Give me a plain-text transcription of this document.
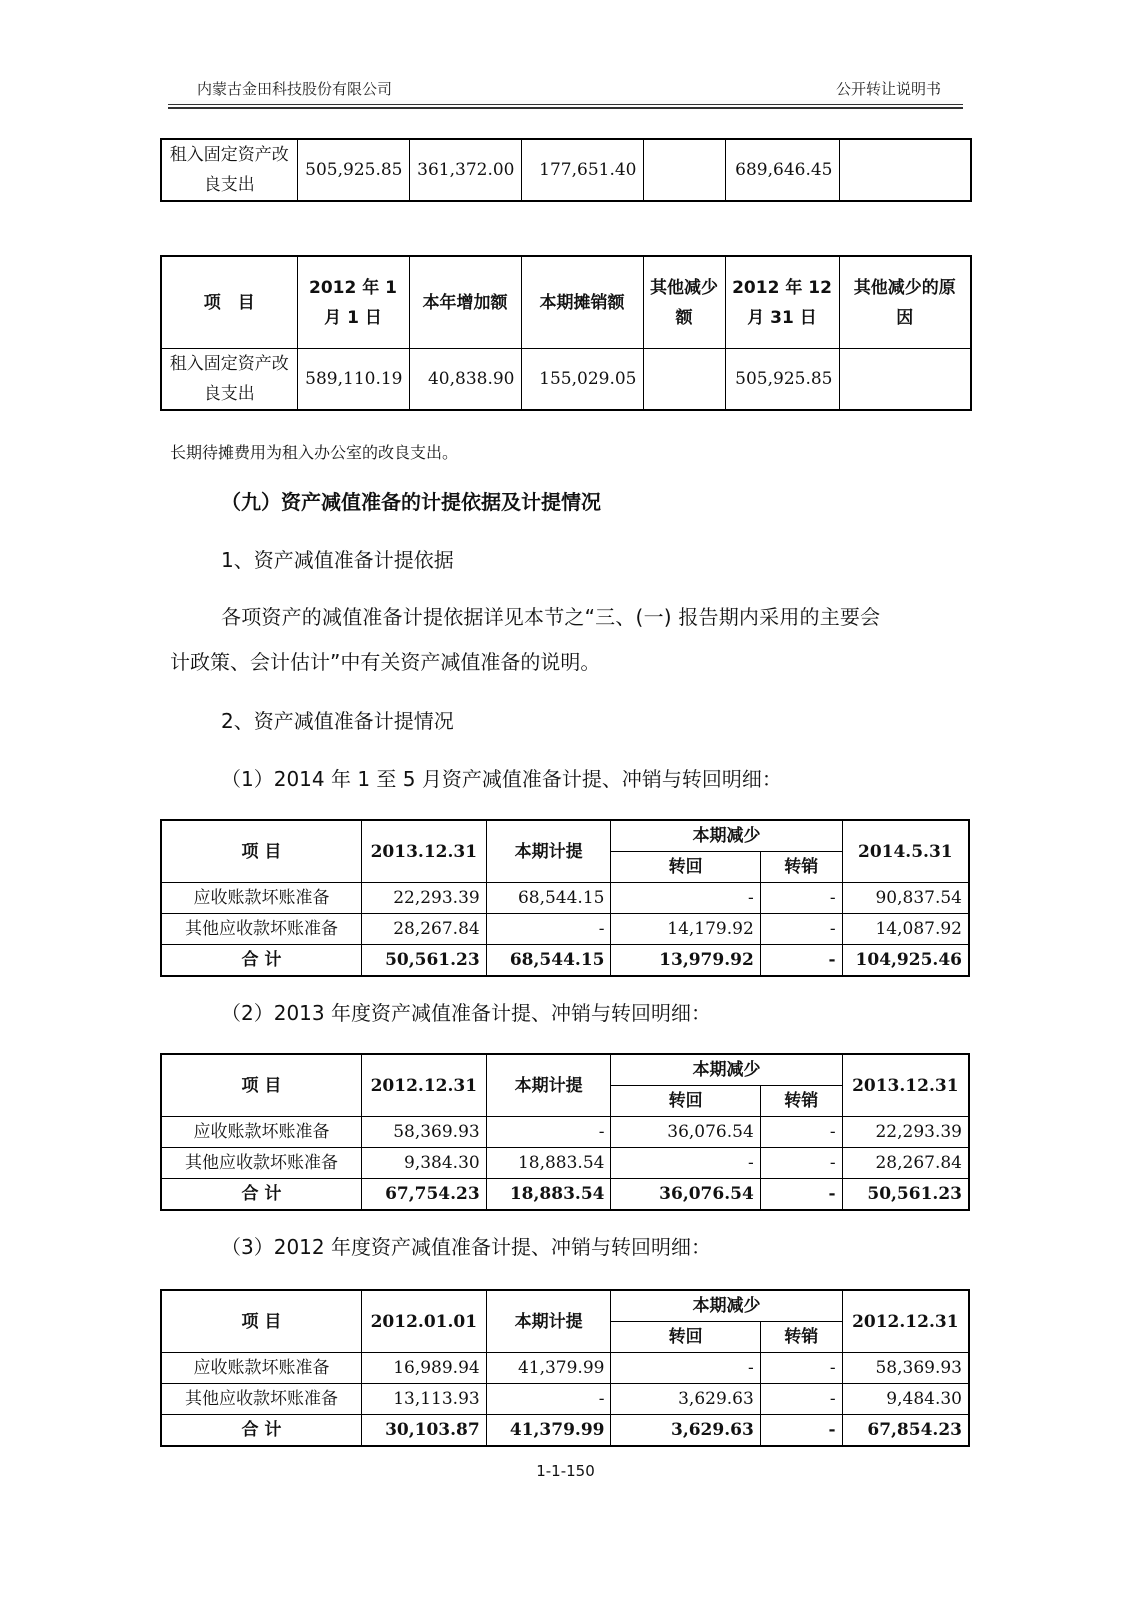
内蒙古金田科技股份有限公司	公开转让说明书
租入固定资产改良支出	505,925.85	361,372.00	177,651.40		689,646.45	
项　目	2012 年 1 月 1 日	本年增加额	本期摊销额	其他减少额	2012 年 12 月 31 日	其他减少的原因
租入固定资产改良支出	589,110.19	40,838.90	155,029.05		505,925.85	
长期待摊费用为租入办公室的改良支出。
（九）资产减值准备的计提依据及计提情况
1、资产减值准备计提依据
各项资产的减值准备计提依据详见本节之“三、(一) 报告期内采用的主要会
计政策、会计估计”中有关资产减值准备的说明。
2、资产减值准备计提情况
（1）2014 年 1 至 5 月资产减值准备计提、冲销与转回明细：
项 目	2013.12.31	本期计提	本期减少		2014.5.31
			转回	转销	
应收账款坏账准备	22,293.39	68,544.15	-	-	90,837.54
其他应收款坏账准备	28,267.84	-	14,179.92	-	14,087.92
合 计	50,561.23	68,544.15	13,979.92	-	104,925.46
（2）2013 年度资产减值准备计提、冲销与转回明细：
项 目	2012.12.31	本期计提	本期减少		2013.12.31
			转回	转销	
应收账款坏账准备	58,369.93	-	36,076.54	-	22,293.39
其他应收款坏账准备	9,384.30	18,883.54	-	-	28,267.84
合 计	67,754.23	18,883.54	36,076.54	-	50,561.23
（3）2012 年度资产减值准备计提、冲销与转回明细：
项 目	2012.01.01	本期计提	本期减少		2012.12.31
			转回	转销	
应收账款坏账准备	16,989.94	41,379.99	-	-	58,369.93
其他应收款坏账准备	13,113.93	-	3,629.63	-	9,484.30
合 计	30,103.87	41,379.99	3,629.63	-	67,854.23
1-1-150
